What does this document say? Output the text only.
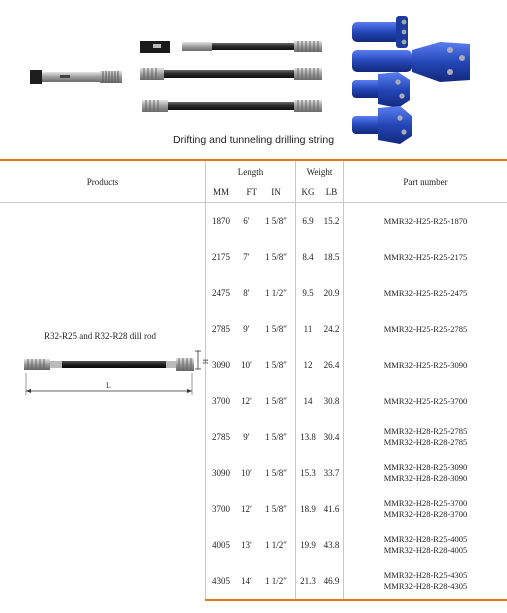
Drifting and tunneling drilling string
Products	Length			Weight		Part number
	MM	FT	IN	KG	LB	

R32-R25 and R32-R28 dill rod
H
L	1870	6′	1 5/8″	6.9	15.2	MMR32-H25-R25-1870

	2175	7′	1 5/8″	8.4	18.5	MMR32-H25-R25-2175

	2475	8′	1 1/2″	9.5	20.9	MMR32-H25-R25-2475

	2785	9′	1 5/8″	11	24.2	MMR32-H25-R25-2785

	3090	10′	1 5/8″	12	26.4	MMR32-H25-R25-3090

	3700	12′	1 5/8″	14	30.8	MMR32-H25-R25-3700

	2785	9′	1 5/8″	13.8	30.4	MMR32-H28-R25-2785
MMR32-H28-R28-2785

	3090	10′	1 5/8″	15.3	33.7	MMR32-H28-R25-3090
MMR32-H28-R28-3090

	3700	12′	1 5/8″	18.9	41.6	MMR32-H28-R25-3700
MMR32-H28-R28-3700

	4005	13′	1 1/2″	19.9	43.8	MMR32-H28-R25-4005
MMR32-H28-R28-4005

	4305	14′	1 1/2″	21.3	46.9	MMR32-H28-R25-4305
MMR32-H28-R28-4305
